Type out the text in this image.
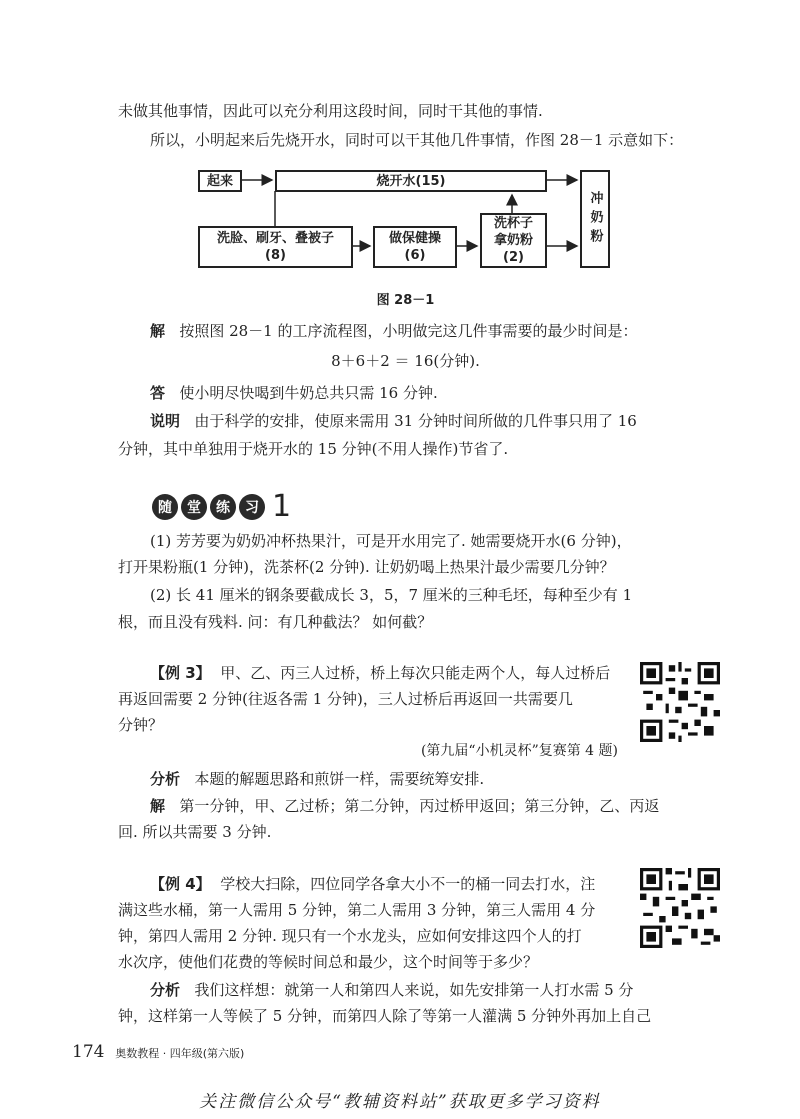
未做其他事情，因此可以充分利用这段时间，同时干其他的事情.
所以，小明起来后先烧开水，同时可以干其他几件事情，作图 28－1 示意如下：
起来	烧开水(15)
洗脸、刷牙、叠被子
(8)
做保健操
(6)
洗杯子
拿奶粉
(2)
冲奶粉
图 28－1
解 按照图 28－1 的工序流程图，小明做完这几件事需要的最少时间是：
8＋6＋2 ＝ 16(分钟).
答 使小明尽快喝到牛奶总共只需 16 分钟.
说明 由于科学的安排，使原来需用 31 分钟时间所做的几件事只用了 16
分钟，其中单独用于烧开水的 15 分钟(不用人操作)节省了.
随	堂	练	习 1
(1) 芳芳要为奶奶冲杯热果汁，可是开水用完了. 她需要烧开水(6 分钟)，
打开果粉瓶(1 分钟)，洗茶杯(2 分钟). 让奶奶喝上热果汁最少需要几分钟？
(2) 长 41 厘米的钢条要截成长 3，5，7 厘米的三种毛坯，每种至少有 1
根，而且没有残料. 问：有几种截法？ 如何截？
【例 3】 甲、乙、丙三人过桥，桥上每次只能走两个人，每人过桥后
再返回需要 2 分钟(往返各需 1 分钟)，三人过桥后再返回一共需要几
分钟？
(第九届“小机灵杯”复赛第 4 题)
分析 本题的解题思路和煎饼一样，需要统筹安排.
解 第一分钟，甲、乙过桥；第二分钟，丙过桥甲返回；第三分钟，乙、丙返
回. 所以共需要 3 分钟.
【例 4】 学校大扫除，四位同学各拿大小不一的桶一同去打水，注
满这些水桶，第一人需用 5 分钟，第二人需用 3 分钟，第三人需用 4 分
钟，第四人需用 2 分钟. 现只有一个水龙头，应如何安排这四个人的打
水次序，使他们花费的等候时间总和最少，这个时间等于多少？
分析 我们这样想：就第一人和第四人来说，如先安排第一人打水需 5 分
钟，这样第一人等候了 5 分钟，而第四人除了等第一人灌满 5 分钟外再加上自己
174 奥数教程 · 四年级(第六版)
关注微信公众号“教辅资料站”获取更多学习资料
